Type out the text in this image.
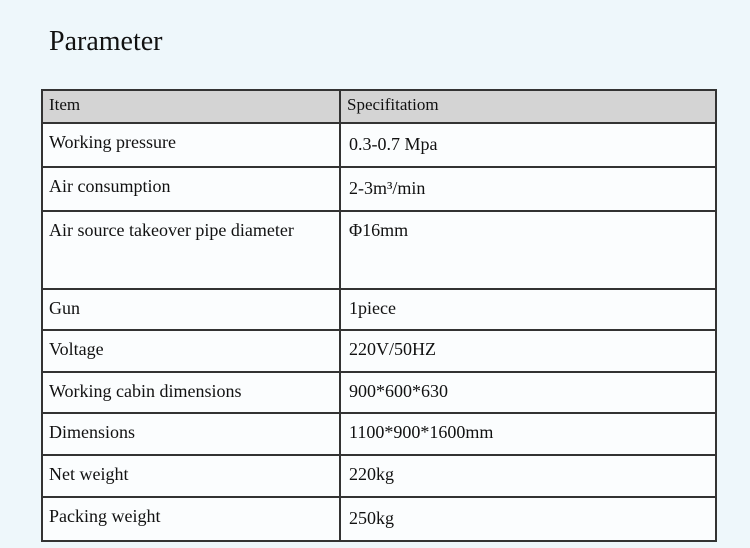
Parameter
Item	Specifitatiom
Working pressure	0.3-0.7 Mpa
Air consumption	2-3m³/min
Air source takeover pipe diameter	Φ16mm
Gun	1piece
Voltage	220V/50HZ
Working cabin dimensions	900*600*630
Dimensions	1100*900*1600mm
Net weight	220kg
Packing weight	250kg
